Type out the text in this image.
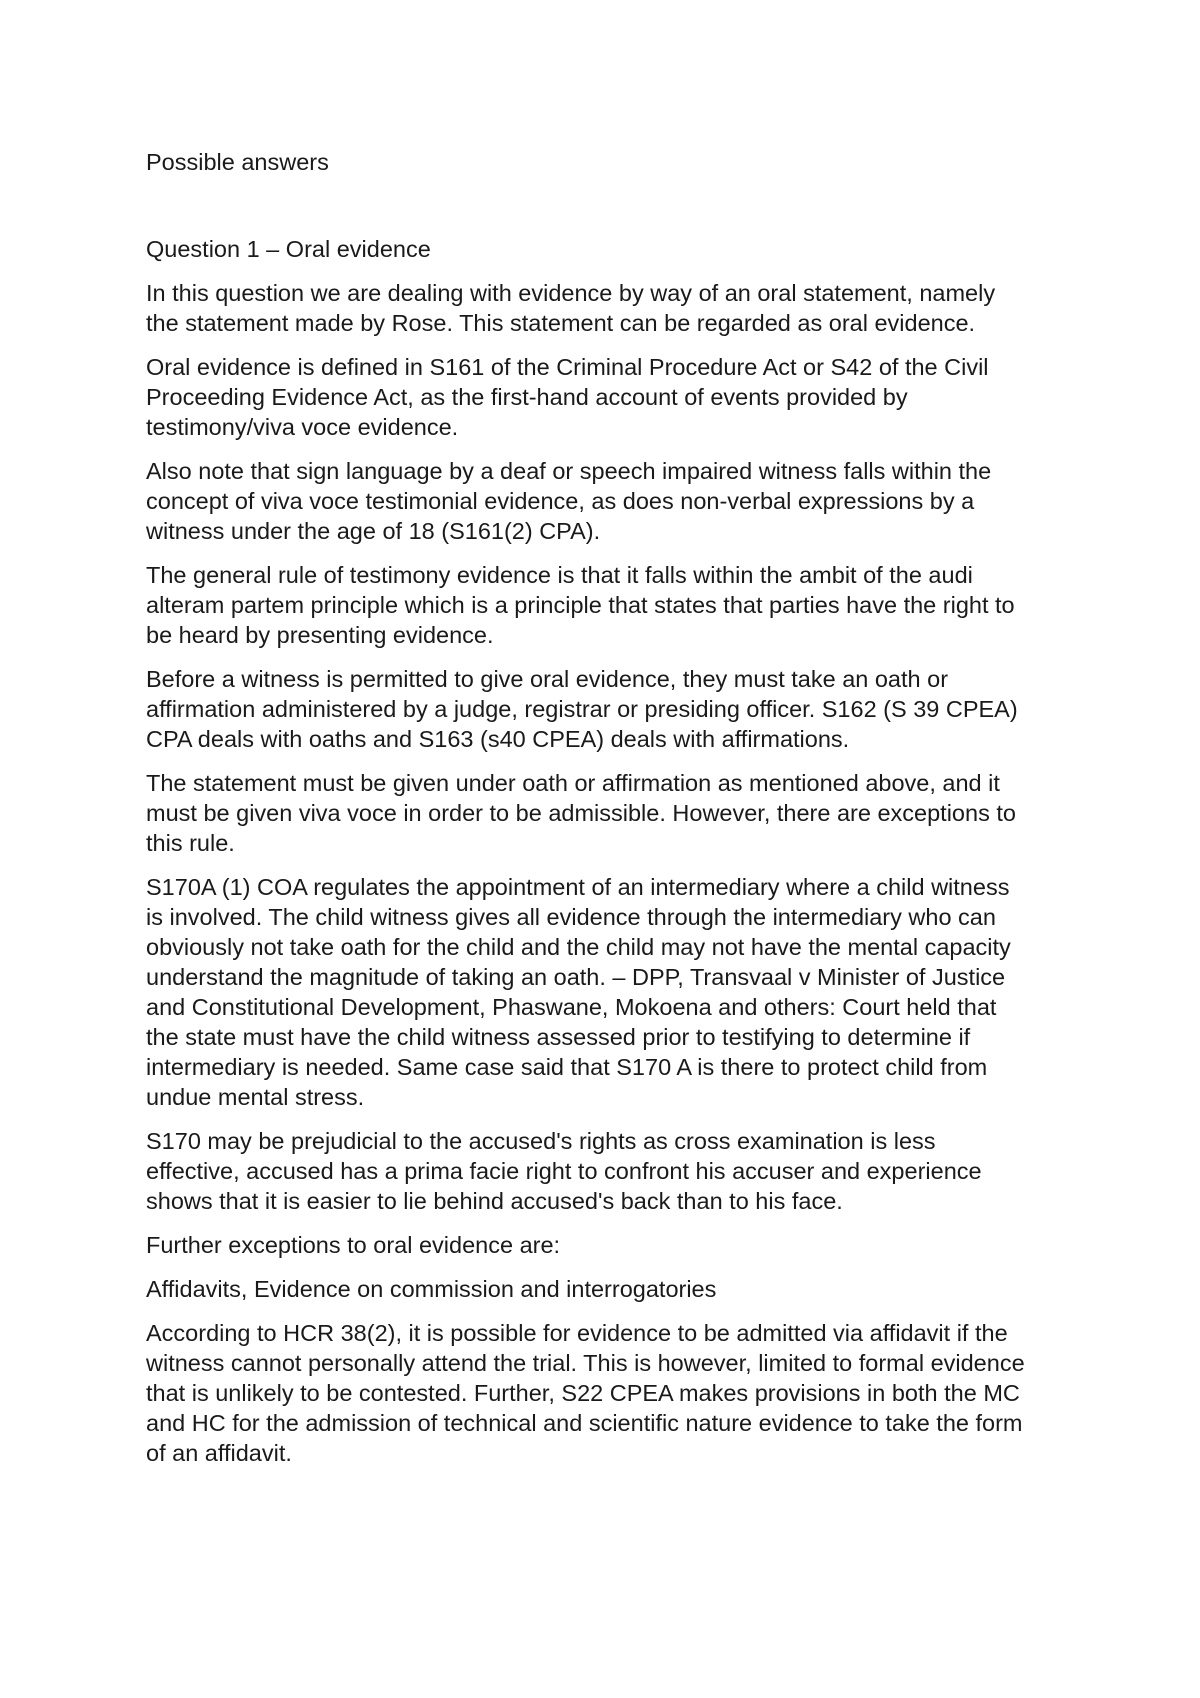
Possible answers

Question 1 – Oral evidence

In this question we are dealing with evidence by way of an oral statement, namely
the statement made by Rose. This statement can be regarded as oral evidence.

Oral evidence is defined in S161 of the Criminal Procedure Act or S42 of the Civil
Proceeding Evidence Act, as the first-hand account of events provided by
testimony/viva voce evidence.

Also note that sign language by a deaf or speech impaired witness falls within the
concept of viva voce testimonial evidence, as does non-verbal expressions by a
witness under the age of 18 (S161(2) CPA).

The general rule of testimony evidence is that it falls within the ambit of the audi
alteram partem principle which is a principle that states that parties have the right to
be heard by presenting evidence.

Before a witness is permitted to give oral evidence, they must take an oath or
affirmation administered by a judge, registrar or presiding officer. S162 (S 39 CPEA)
CPA deals with oaths and S163 (s40 CPEA) deals with affirmations.

The statement must be given under oath or affirmation as mentioned above, and it
must be given viva voce in order to be admissible. However, there are exceptions to
this rule.

S170A (1) COA regulates the appointment of an intermediary where a child witness
is involved. The child witness gives all evidence through the intermediary who can
obviously not take oath for the child and the child may not have the mental capacity
understand the magnitude of taking an oath. – DPP, Transvaal v Minister of Justice
and Constitutional Development, Phaswane, Mokoena and others: Court held that
the state must have the child witness assessed prior to testifying to determine if
intermediary is needed. Same case said that S170 A is there to protect child from
undue mental stress.

S170 may be prejudicial to the accused's rights as cross examination is less
effective, accused has a prima facie right to confront his accuser and experience
shows that it is easier to lie behind accused's back than to his face.

Further exceptions to oral evidence are:

Affidavits, Evidence on commission and interrogatories

According to HCR 38(2), it is possible for evidence to be admitted via affidavit if the
witness cannot personally attend the trial. This is however, limited to formal evidence
that is unlikely to be contested. Further, S22 CPEA makes provisions in both the MC
and HC for the admission of technical and scientific nature evidence to take the form
of an affidavit.
